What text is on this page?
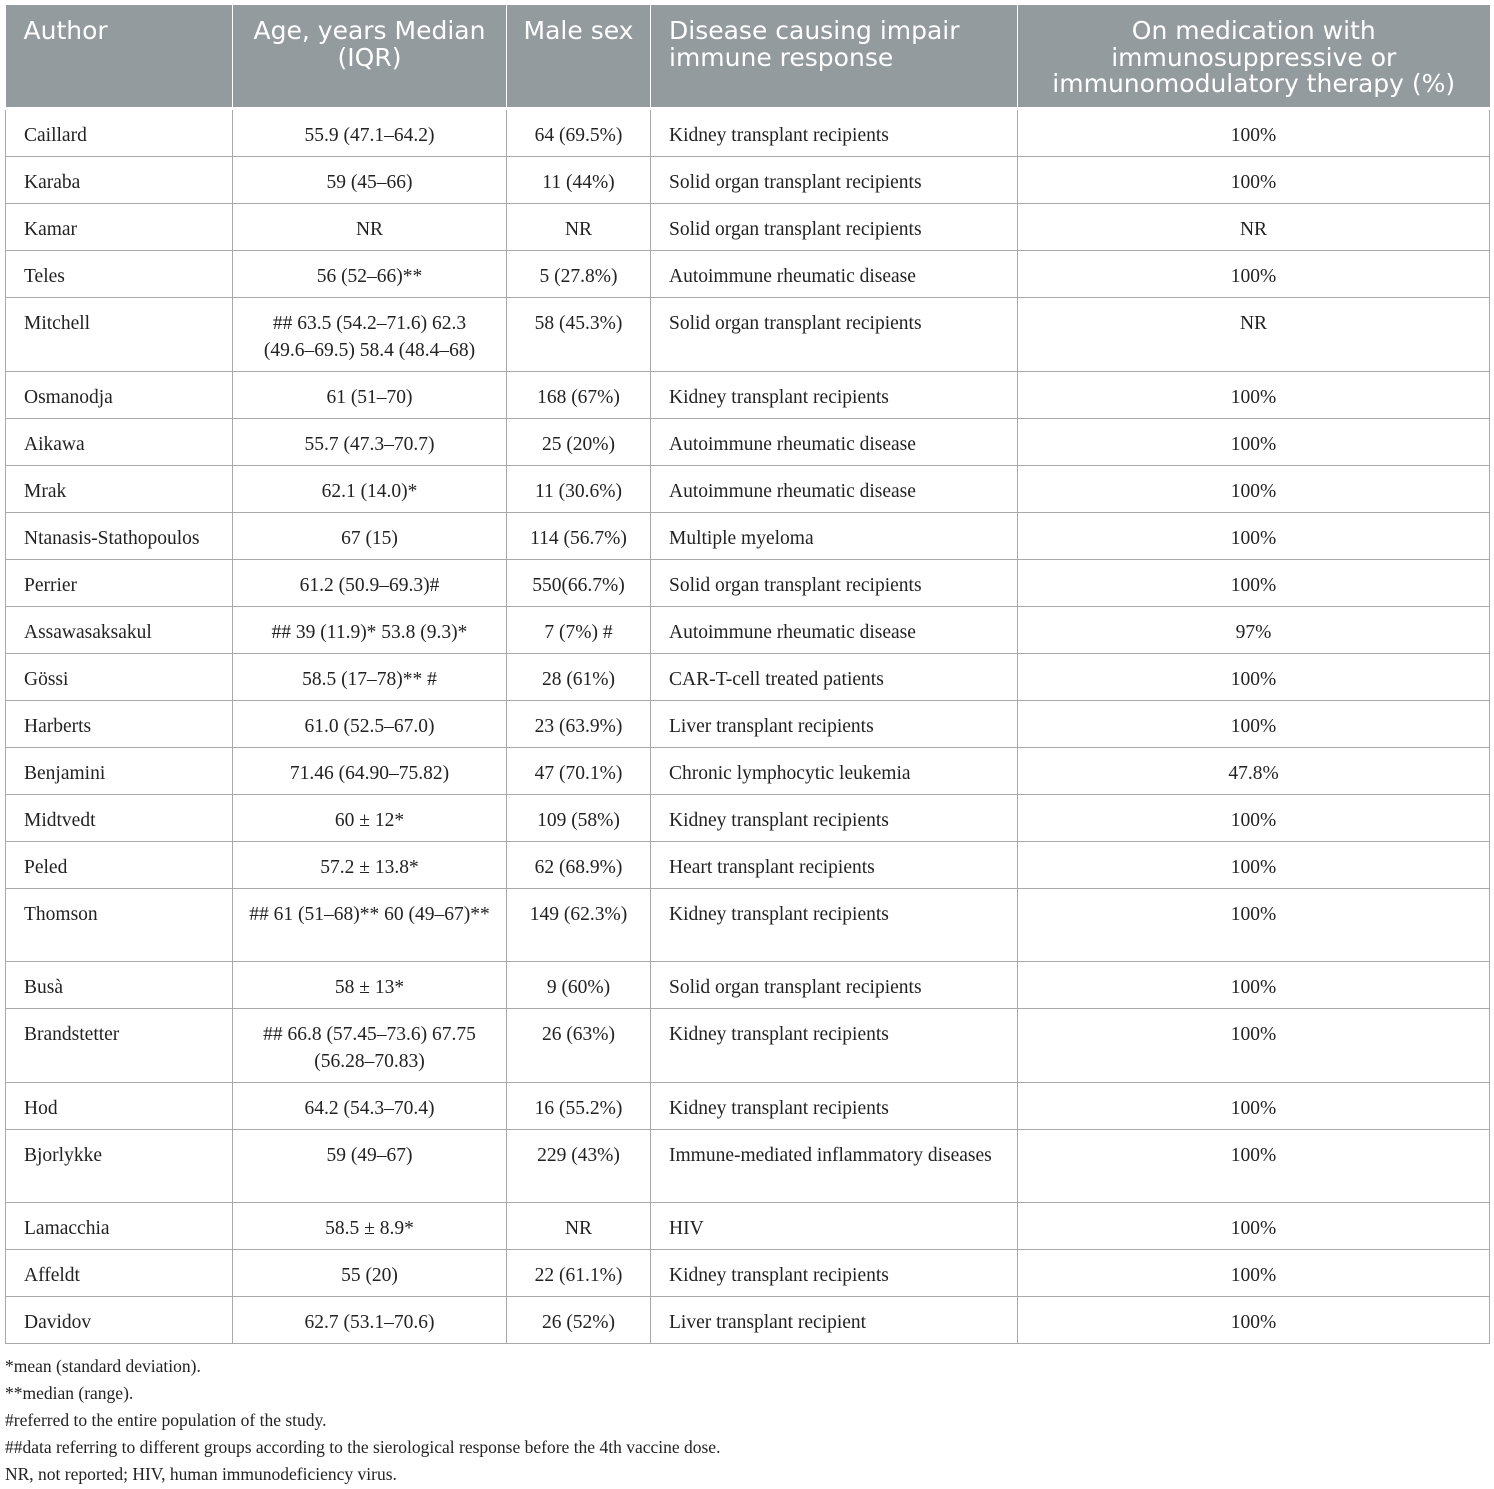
Author	Age, years Median (IQR)	Male sex	Disease causing impair immune response	On medication with immunosuppressive or immunomodulatory therapy (%)
Caillard	55.9 (47.1–64.2)	64 (69.5%)	Kidney transplant recipients	100%
Karaba	59 (45–66)	11 (44%)	Solid organ transplant recipients	100%
Kamar	NR	NR	Solid organ transplant recipients	NR
Teles	56 (52–66)**	5 (27.8%)	Autoimmune rheumatic disease	100%
Mitchell	## 63.5 (54.2–71.6) 62.3 (49.6–69.5) 58.4 (48.4–68)	58 (45.3%)	Solid organ transplant recipients	NR
Osmanodja	61 (51–70)	168 (67%)	Kidney transplant recipients	100%
Aikawa	55.7 (47.3–70.7)	25 (20%)	Autoimmune rheumatic disease	100%
Mrak	62.1 (14.0)*	11 (30.6%)	Autoimmune rheumatic disease	100%
Ntanasis-Stathopoulos	67 (15)	114 (56.7%)	Multiple myeloma	100%
Perrier	61.2 (50.9–69.3)#	550(66.7%)	Solid organ transplant recipients	100%
Assawasaksakul	## 39 (11.9)* 53.8 (9.3)*	7 (7%) #	Autoimmune rheumatic disease	97%
Gössi	58.5 (17–78)** #	28 (61%)	CAR-T-cell treated patients	100%
Harberts	61.0 (52.5–67.0)	23 (63.9%)	Liver transplant recipients	100%
Benjamini	71.46 (64.90–75.82)	47 (70.1%)	Chronic lymphocytic leukemia	47.8%
Midtvedt	60 ± 12*	109 (58%)	Kidney transplant recipients	100%
Peled	57.2 ± 13.8*	62 (68.9%)	Heart transplant recipients	100%
Thomson	## 61 (51–68)** 60 (49–67)**	149 (62.3%)	Kidney transplant recipients	100%
Busà	58 ± 13*	9 (60%)	Solid organ transplant recipients	100%
Brandstetter	## 66.8 (57.45–73.6) 67.75 (56.28–70.83)	26 (63%)	Kidney transplant recipients	100%
Hod	64.2 (54.3–70.4)	16 (55.2%)	Kidney transplant recipients	100%
Bjorlykke	59 (49–67)	229 (43%)	Immune-mediated inflammatory diseases	100%
Lamacchia	58.5 ± 8.9*	NR	HIV	100%
Affeldt	55 (20)	22 (61.1%)	Kidney transplant recipients	100%
Davidov	62.7 (53.1–70.6)	26 (52%)	Liver transplant recipient	100%
*mean (standard deviation).
**median (range).
#referred to the entire population of the study.
##data referring to different groups according to the sierological response before the 4th vaccine dose.
NR, not reported; HIV, human immunodeficiency virus.
